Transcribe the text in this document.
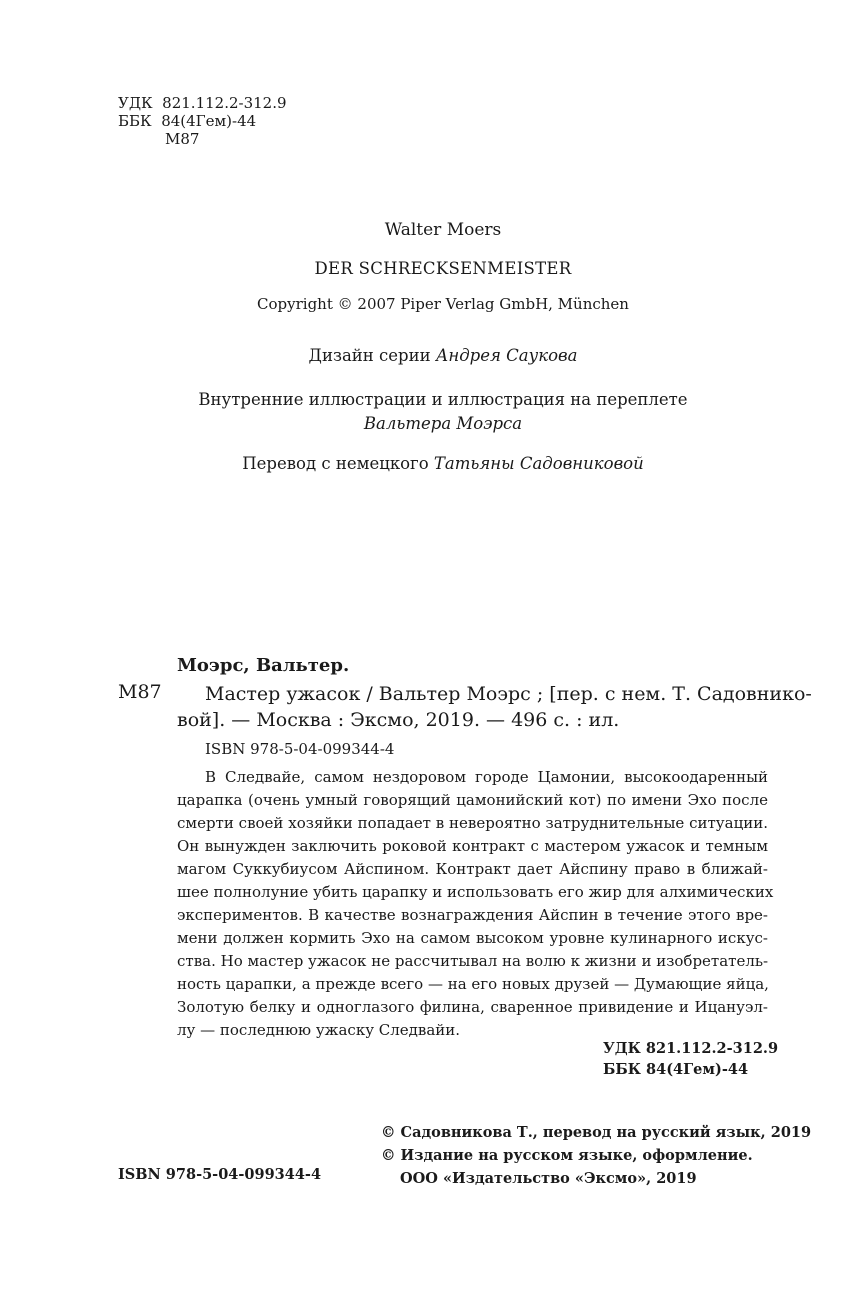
УДК  821.112.2-312.9
ББК  84(4Гем)-44
М87
Walter Moers
DER SCHRECKSENMEISTER
Copyright © 2007 Piper Verlag GmbH, München
Дизайн серии Андрея Саукова
Внутренние иллюстрации и иллюстрация на переплете
Вальтера Моэрса
Перевод с немецкого Татьяны Садовниковой
Моэрс, Вальтер.
М87	Мастер ужасок / Вальтер Моэрс ; [пер. с нем. Т. Садовнико-
вой]. — Москва : Эксмо, 2019. — 496 с. : ил.
ISBN 978-5-04-099344-4
В Следвайе, самом нездоровом городе Цамонии, высокоодаренный
царапка (очень умный говорящий цамонийский кот) по имени Эхо после
смерти своей хозяйки попадает в невероятно затруднительные ситуации.
Он вынужден заключить роковой контракт с мастером ужасок и темным
магом Суккубиусом Айспином. Контракт дает Айспину право в ближай-
шее полнолуние убить царапку и использовать его жир для алхимических
экспериментов. В качестве вознаграждения Айспин в течение этого вре-
мени должен кормить Эхо на самом высоком уровне кулинарного искус-
ства. Но мастер ужасок не рассчитывал на волю к жизни и изобретатель-
ность царапки, а прежде всего — на его новых друзей — Думающие яйца,
Золотую белку и одноглазого филина, сваренное привидение и Ицануэл-
лу — последнюю ужаску Следвайи.
УДК 821.112.2-312.9
ББК 84(4Гем)-44
© Садовникова Т., перевод на русский язык, 2019
© Издание на русском языке, оформление.
ООО «Издательство «Эксмо», 2019
ISBN 978-5-04-099344-4
